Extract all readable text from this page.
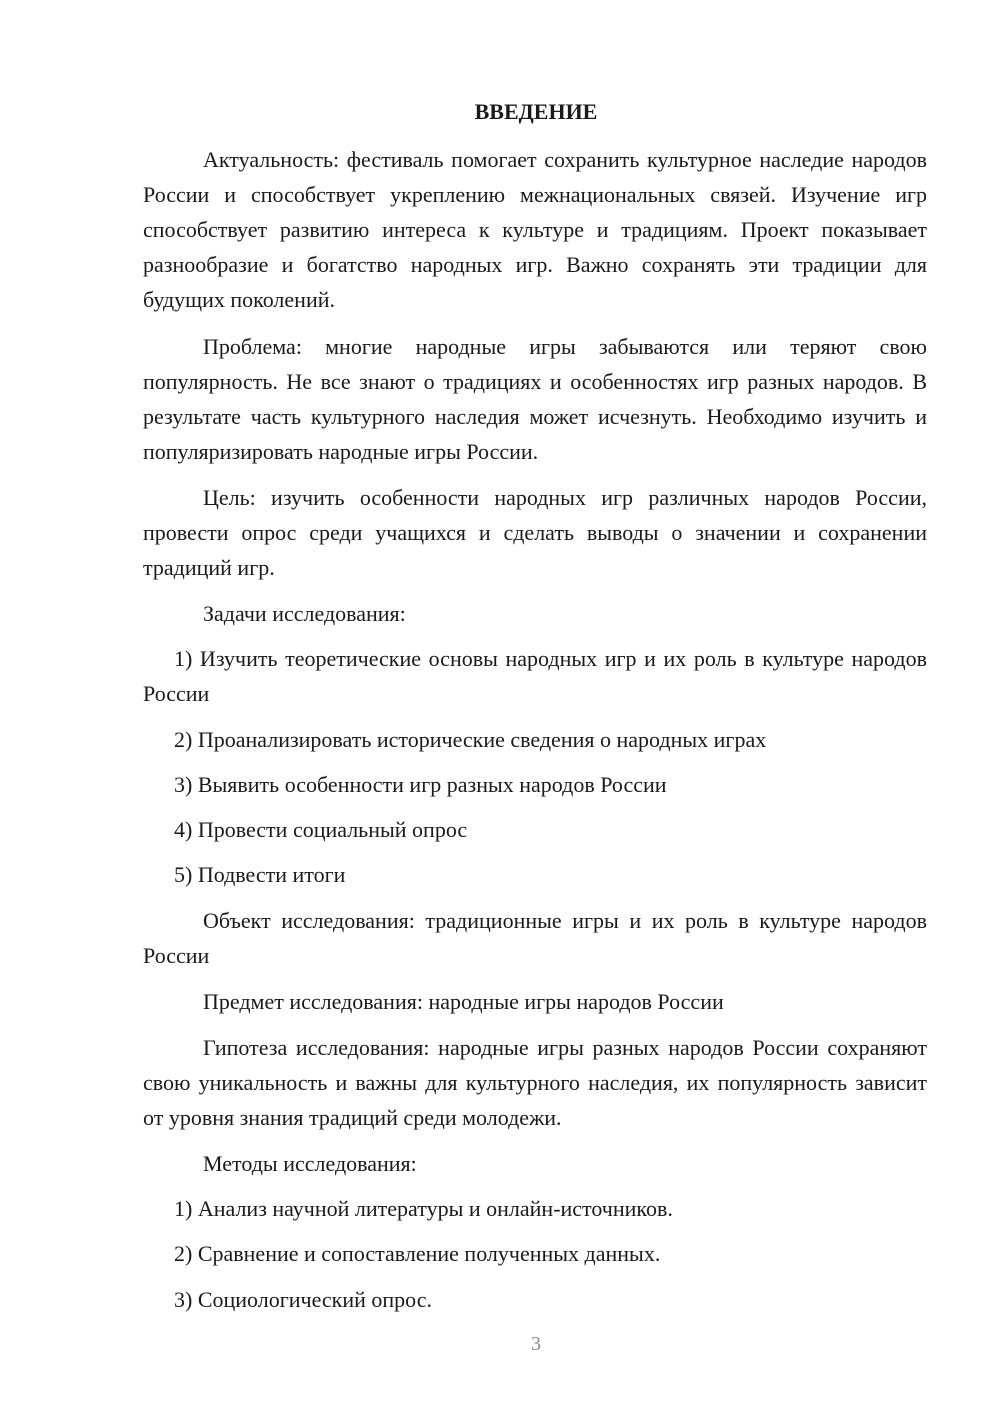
ВВЕДЕНИЕ

Актуальность: фестиваль помогает сохранить культурное наследие народов России и способствует укреплению межнациональных связей. Изучение игр способствует развитию интереса к культуре и традициям. Проект показывает разнообразие и богатство народных игр. Важно сохранять эти традиции для будущих поколений.

Проблема: многие народные игры забываются или теряют свою популярность. Не все знают о традициях и особенностях игр разных народов. В результате часть культурного наследия может исчезнуть. Необходимо изучить и популяризировать народные игры России.

Цель: изучить особенности народных игр различных народов России, провести опрос среди учащихся и сделать выводы о значении и сохранении традиций игр.

Задачи исследования:

1) Изучить теоретические основы народных игр и их роль в культуре народов России

2) Проанализировать исторические сведения о народных играх

3) Выявить особенности игр разных народов России

4) Провести социальный опрос

5) Подвести итоги

Объект исследования: традиционные игры и их роль в культуре народов России

Предмет исследования: народные игры народов России

Гипотеза исследования: народные игры разных народов России сохраняют свою уникальность и важны для культурного наследия, их популярность зависит от уровня знания традиций среди молодежи.

Методы исследования:

1) Анализ научной литературы и онлайн-источников.

2) Сравнение и сопоставление полученных данных.

3) Социологический опрос.

3
